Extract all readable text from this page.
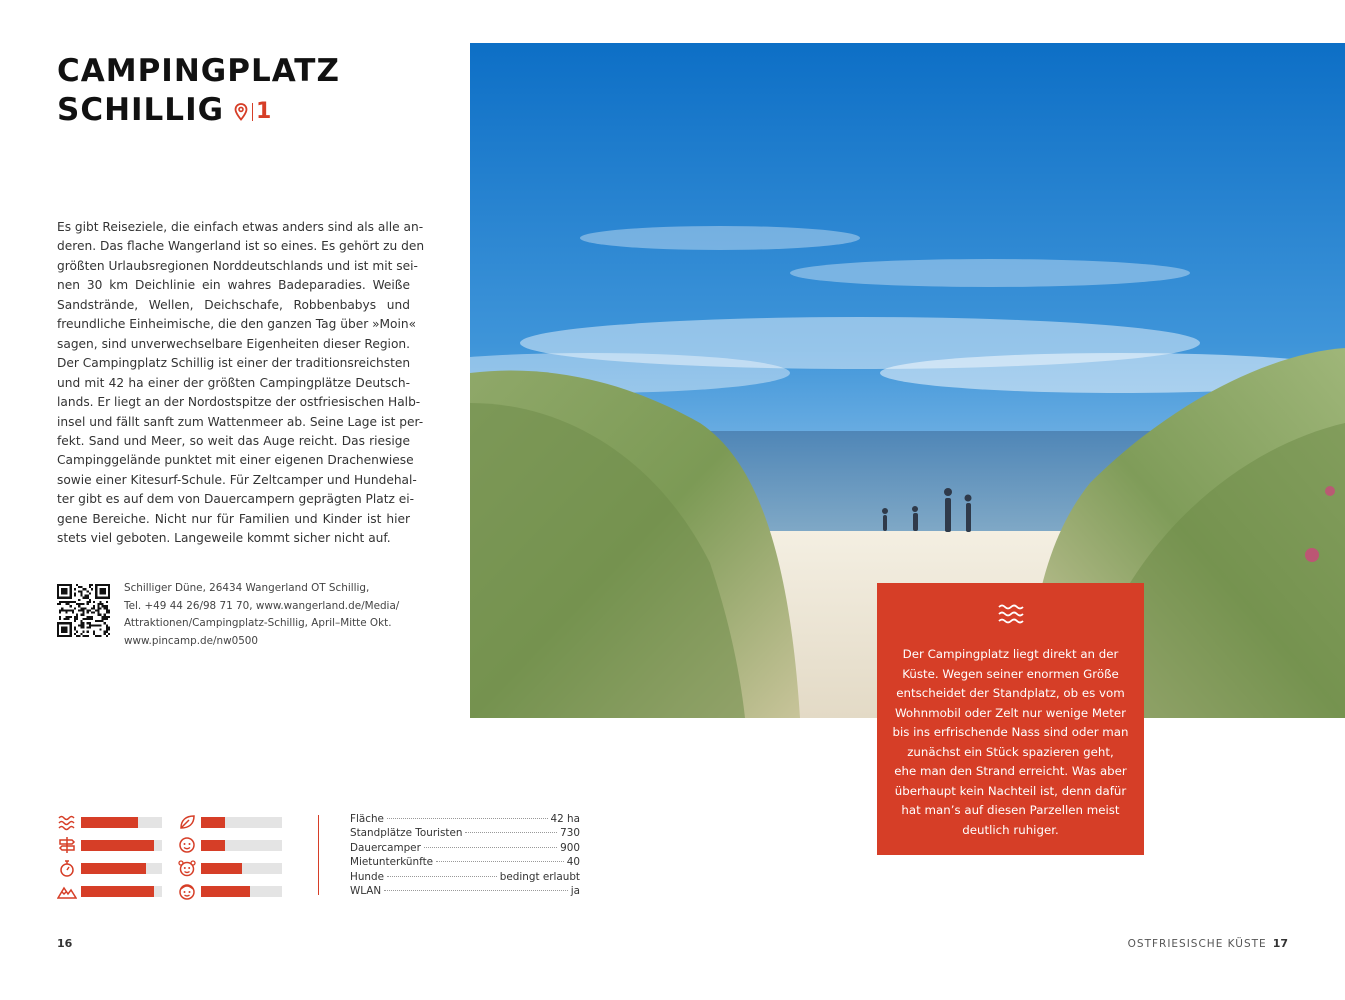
CAMPINGPLATZ
SCHILLIG 1
Es gibt Reiseziele, die einfach etwas anders sind als alle an-
deren. Das flache Wangerland ist so eines. Es gehört zu den
größten Urlaubsregionen Norddeutschlands und ist mit sei-
nen 30 km Deichlinie ein wahres Badeparadies. Weiße
Sandstrände, Wellen, Deichschafe, Robbenbabys und
freundliche Einheimische, die den ganzen Tag über »Moin«
sagen, sind unverwechselbare Eigenheiten dieser Region.
Der Campingplatz Schillig ist einer der traditionsreichsten
und mit 42 ha einer der größten Campingplätze Deutsch-
lands. Er liegt an der Nordostspitze der ostfriesischen Halb-
insel und fällt sanft zum Wattenmeer ab. Seine Lage ist per-
fekt. Sand und Meer, so weit das Auge reicht. Das riesige
Campinggelände punktet mit einer eigenen Drachenwiese
sowie einer Kitesurf-Schule. Für Zeltcamper und Hundehal-
ter gibt es auf dem von Dauercampern geprägten Platz ei-
gene Bereiche. Nicht nur für Familien und Kinder ist hier
stets viel geboten. Langeweile kommt sicher nicht auf.
Schilliger Düne, 26434 Wangerland OT Schillig,
Tel. +49 44 26/98 71 70, www.wangerland.de/Media/
Attraktionen/Campingplatz-Schillig, April–Mitte Okt.
www.pincamp.de/nw0500
Der Campingplatz liegt direkt an der
Küste. Wegen seiner enormen Größe
entscheidet der Standplatz, ob es vom
Wohnmobil oder Zelt nur wenige Meter
bis ins erfrischende Nass sind oder man
zunächst ein Stück spazieren geht,
ehe man den Strand erreicht. Was aber
überhaupt kein Nachteil ist, denn dafür
hat man’s auf diesen Parzellen meist
deutlich ruhiger.
Fläche	42 ha
Standplätze Touristen	730
Dauercamper	900
Mietunterkünfte	40
Hunde	bedingt erlaubt
WLAN	ja
16	OSTFRIESISCHE KÜSTE 17
